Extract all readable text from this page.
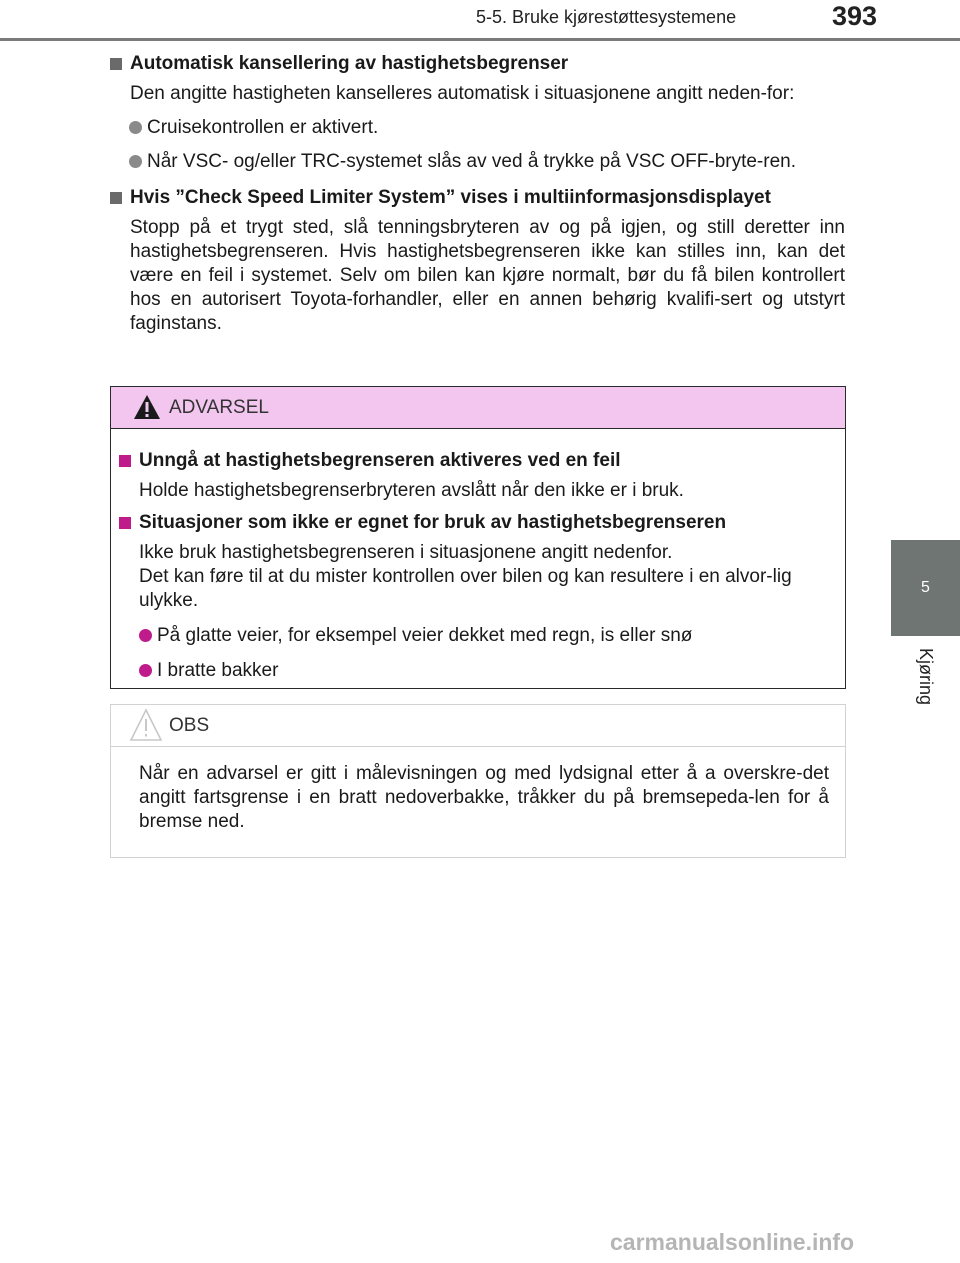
5-5. Bruke kjørestøttesystemene	393
5
Kjøring
Automatisk kansellering av hastighetsbegrenser
Den angitte hastigheten kanselleres automatisk i situasjonene angitt neden-for:
Cruisekontrollen er aktivert.
Når VSC- og/eller TRC-systemet slås av ved å trykke på VSC OFF-bryte-ren.
Hvis ”Check Speed Limiter System” vises i multiinformasjonsdisplayet
Stopp på et trygt sted, slå tenningsbryteren av og på igjen, og still deretter inn hastighetsbegrenseren. Hvis hastighetsbegrenseren ikke kan stilles inn, kan det være en feil i systemet. Selv om bilen kan kjøre normalt, bør du få bilen kontrollert hos en autorisert Toyota-forhandler, eller en annen behørig kvalifi-sert og utstyrt faginstans.
ADVARSEL
Unngå at hastighetsbegrenseren aktiveres ved en feil
Holde hastighetsbegrenserbryteren avslått når den ikke er i bruk.
Situasjoner som ikke er egnet for bruk av hastighetsbegrenseren
Ikke bruk hastighetsbegrenseren i situasjonene angitt nedenfor.
Det kan føre til at du mister kontrollen over bilen og kan resultere i en alvor-lig ulykke.
På glatte veier, for eksempel veier dekket med regn, is eller snø
I bratte bakker
OBS
Når en advarsel er gitt i målevisningen og med lydsignal etter å a overskre-det angitt fartsgrense i en bratt nedoverbakke, tråkker du på bremsepeda-len for å bremse ned.
carmanualsonline.info
